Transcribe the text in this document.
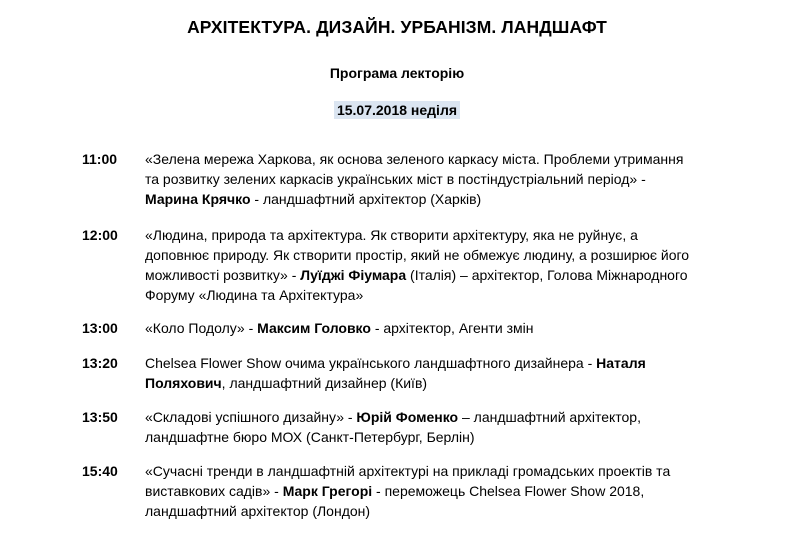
АРХІТЕКТУРА. ДИЗАЙН. УРБАНІЗМ. ЛАНДШАФТ
Програма лекторію
15.07.2018 неділя
11:00 «Зелена мережа Харкова, як основа зеленого каркасу міста. Проблеми утримання
та розвитку зелених каркасів українських міст в постіндустріальний період» -
Марина Крячко - ландшафтний архітектор (Харків)
12:00 «Людина, природа та архітектура. Як створити архітектуру, яка не руйнує, а
доповнює природу. Як створити простір, який не обмежує людину, а розширює його
можливості розвитку» - Луїджі Фіумара (Італія) – архітектор, Голова Міжнародного
Форуму «Людина та Архітектура»
13:00 «Коло Подолу» - Максим Головко - архітектор, Агенти змін
13:20 Chelsea Flower Show очима українського ландшафтного дизайнера - Наталя
Поляхович, ландшафтний дизайнер (Київ)
13:50 «Складові успішного дизайну» - Юрій Фоменко – ландшафтний архітектор,
ландшафтне бюро МОХ (Санкт-Петербург, Берлін)
15:40 «Сучасні тренди в ландшафтній архітектурі на прикладі громадських проектів та
виставкових садів» - Марк Грегорі - переможець Chelsea Flower Show 2018,
ландшафтний архітектор (Лондон)
